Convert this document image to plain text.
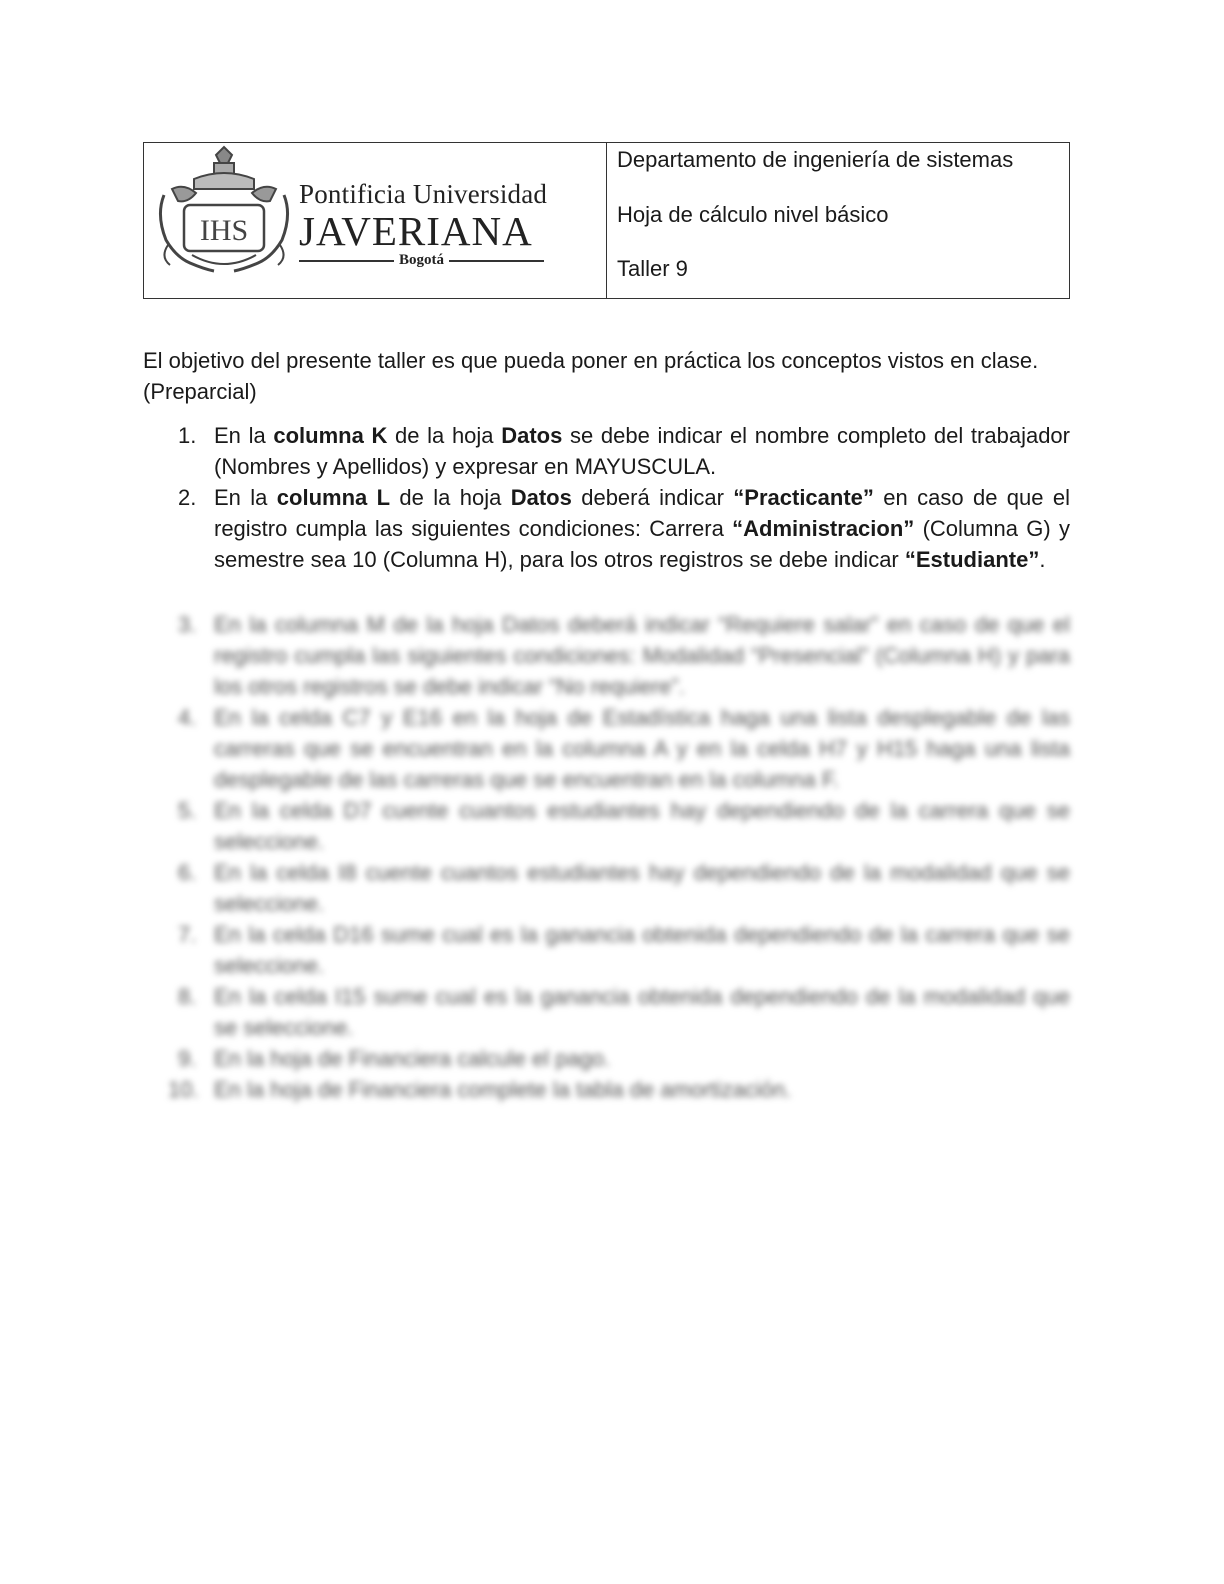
IHS
Pontificia Universidad
JAVERIANA
Bogotá
Departamento de ingeniería de sistemas
Hoja de cálculo nivel básico
Taller 9
El objetivo del presente taller es que pueda poner en práctica los conceptos vistos en clase. (Preparcial)
1. En la columna K de la hoja Datos se debe indicar el nombre completo del trabajador (Nombres y Apellidos) y expresar en MAYUSCULA.
2. En la columna L de la hoja Datos deberá indicar “Practicante” en caso de que el registro cumpla las siguientes condiciones: Carrera “Administracion” (Columna G) y semestre sea 10 (Columna H), para los otros registros se debe indicar “Estudiante”.
3. En la columna M de la hoja Datos deberá indicar “Requiere salar” en caso de que el registro cumpla las siguientes condiciones: Modalidad “Presencial” (Columna H) y para los otros registros se debe indicar “No requiere”.
4. En la celda C7 y E16 en la hoja de Estadística haga una lista desplegable de las carreras que se encuentran en la columna A y en la celda H7 y H15 haga una lista desplegable de las carreras que se encuentran en la columna F.
5. En la celda D7 cuente cuantos estudiantes hay dependiendo de la carrera que se seleccione.
6. En la celda I8 cuente cuantos estudiantes hay dependiendo de la modalidad que se seleccione.
7. En la celda D16 sume cual es la ganancia obtenida dependiendo de la carrera que se seleccione.
8. En la celda I15 sume cual es la ganancia obtenida dependiendo de la modalidad que se seleccione.
9. En la hoja de Financiera calcule el pago.
10. En la hoja de Financiera complete la tabla de amortización.
